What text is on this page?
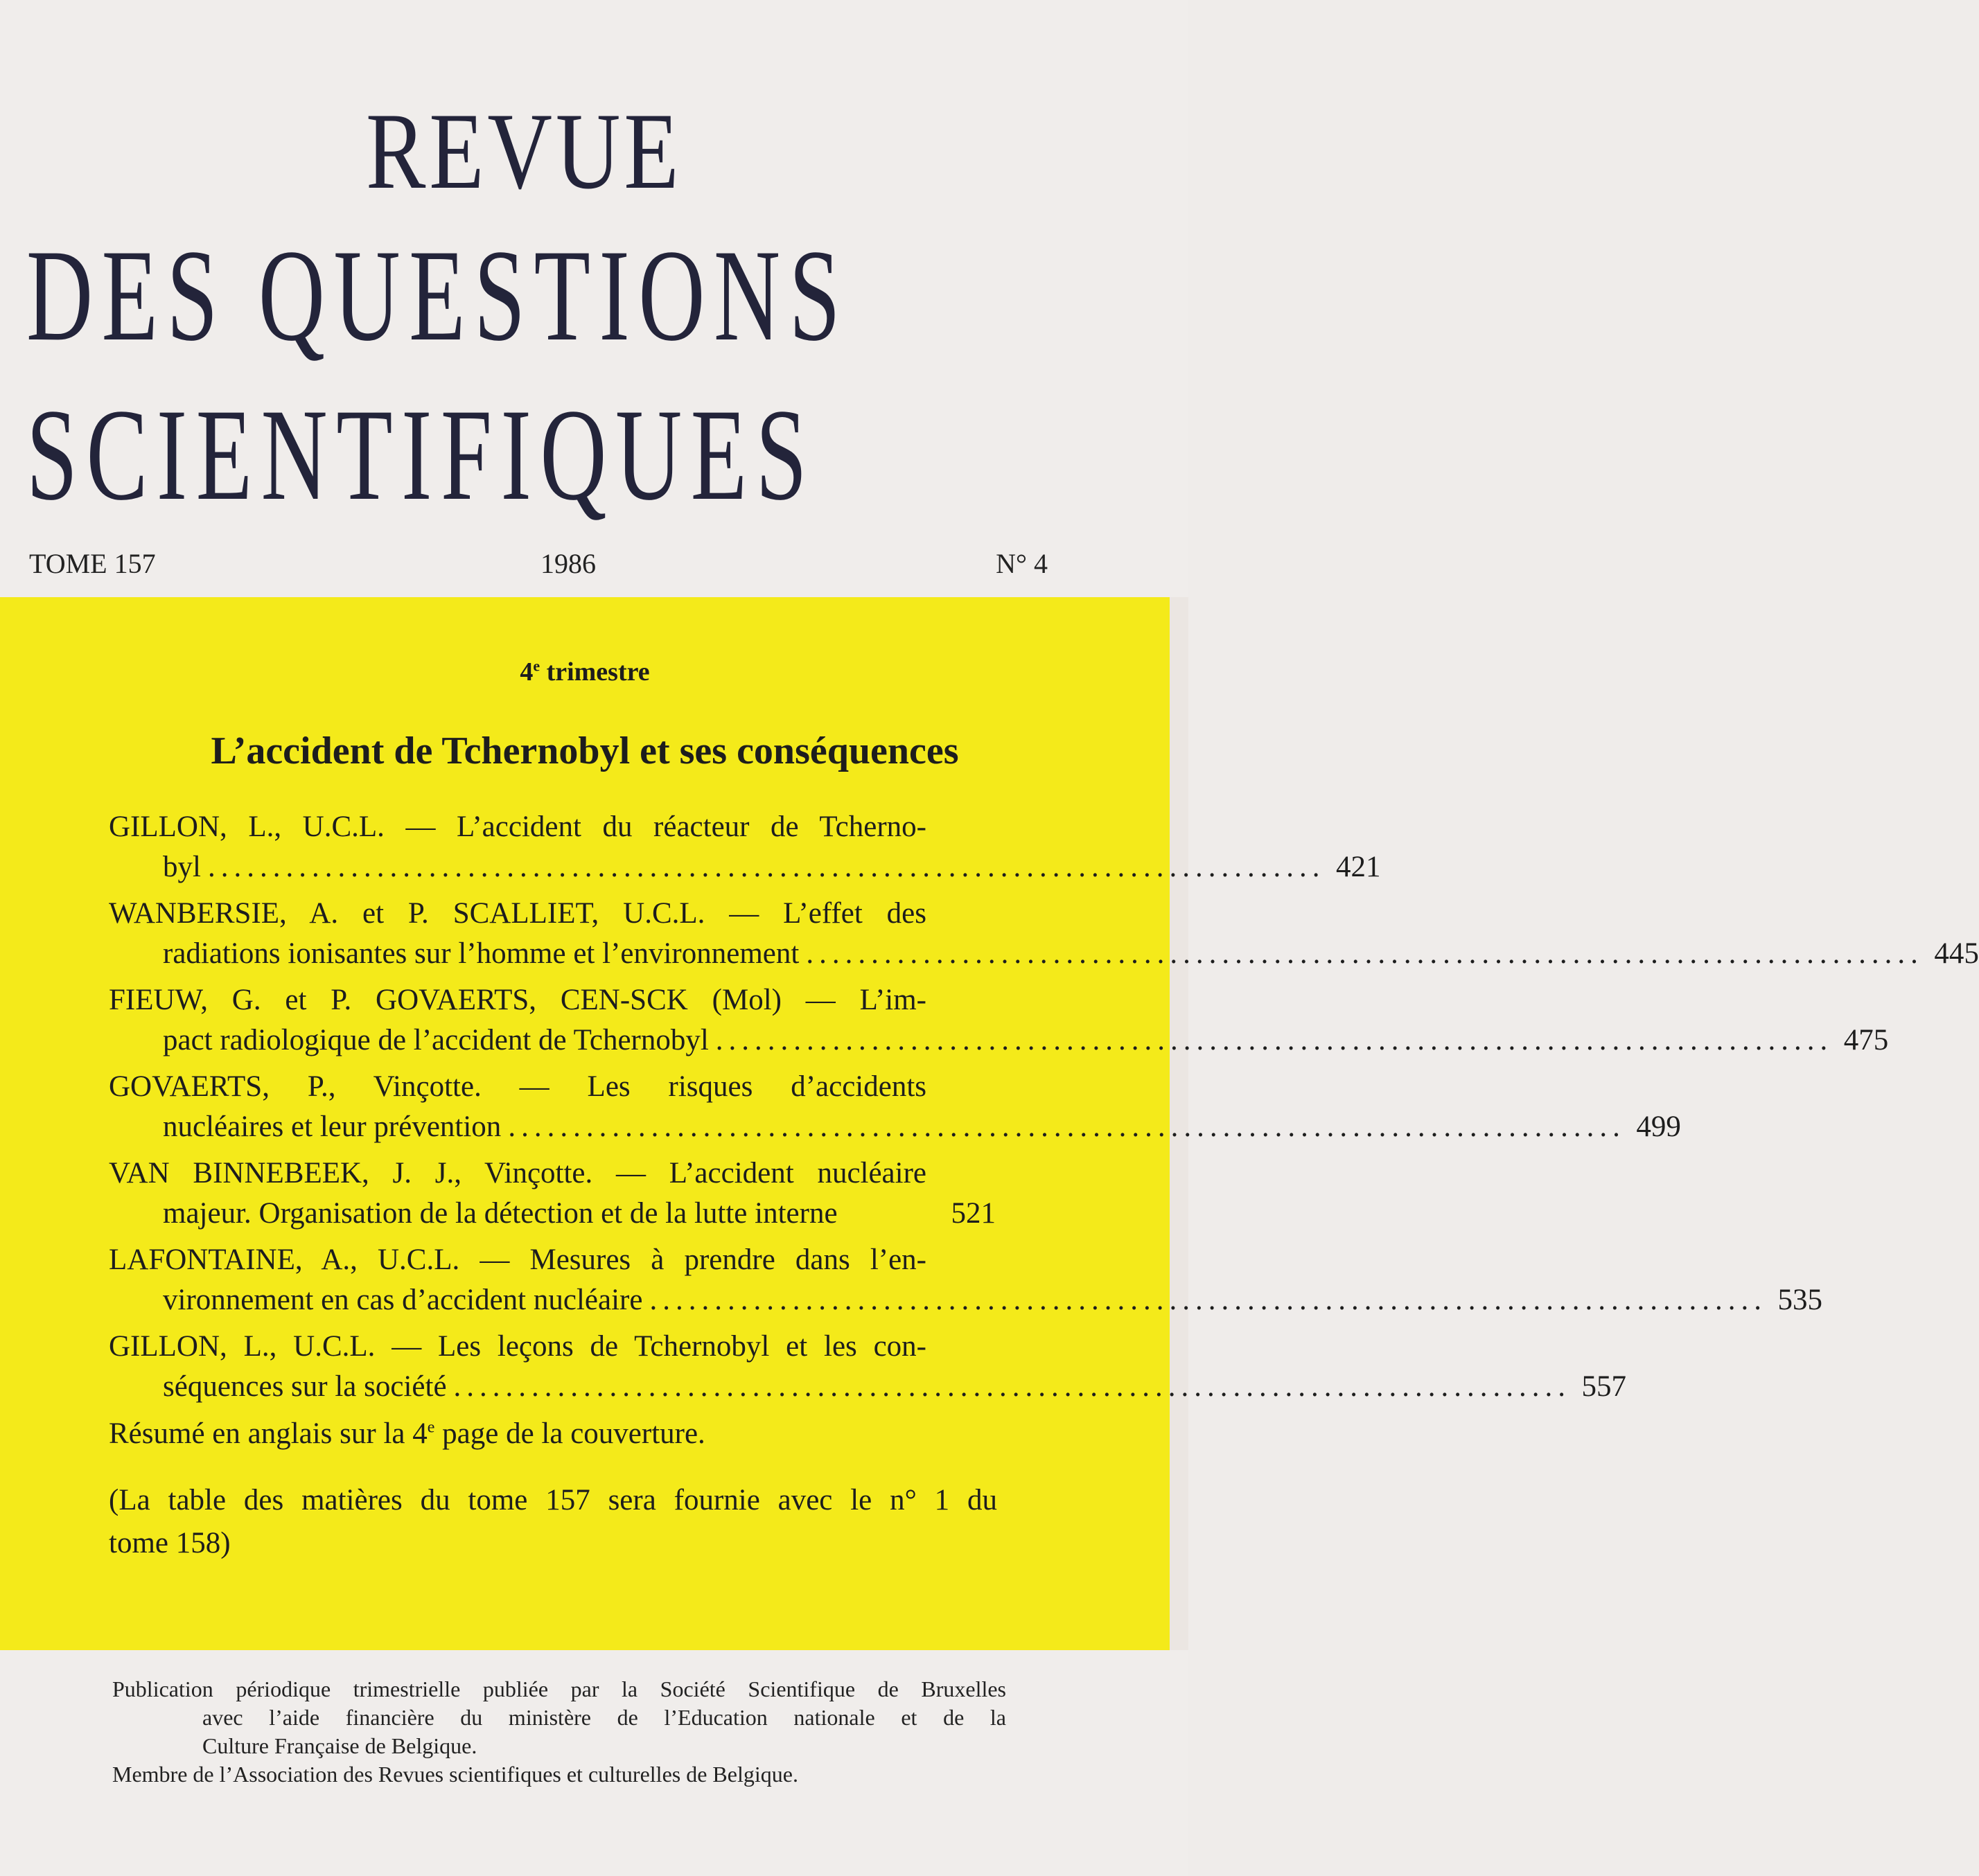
REVUE
DES QUESTIONS
SCIENTIFIQUES
TOME 157	1986	N° 4
4e trimestre
L’accident de Tchernobyl et ses conséquences
GILLON, L., U.C.L. — L’accident du réacteur de Tcherno-
byl ...................................................................................... 421
WANBERSIE, A. et P. SCALLIET, U.C.L. — L’effet des
radiations ionisantes sur l’homme et l’environnement ...................................................................................... 445
FIEUW, G. et P. GOVAERTS, CEN-SCK (Mol) — L’im-
pact radiologique de l’accident de Tchernobyl ...................................................................................... 475
GOVAERTS, P., Vinçotte. — Les risques d’accidents
nucléaires et leur prévention ...................................................................................... 499
VAN BINNEBEEK, J. J., Vinçotte. — L’accident nucléaire
majeur. Organisation de la détection et de la lutte interne	521
LAFONTAINE, A., U.C.L. — Mesures à prendre dans l’en-
vironnement en cas d’accident nucléaire ...................................................................................... 535
GILLON, L., U.C.L. — Les leçons de Tchernobyl et les con-
séquences sur la société ...................................................................................... 557
Résumé en anglais sur la 4e page de la couverture.
(La table des matières du tome 157 sera fournie avec le n° 1 du
tome 158)
Publication périodique trimestrielle publiée par la Société Scientifique de Bruxelles
avec l’aide financière du ministère de l’Education nationale et de la
Culture Française de Belgique.
Membre de l’Association des Revues scientifiques et culturelles de Belgique.
